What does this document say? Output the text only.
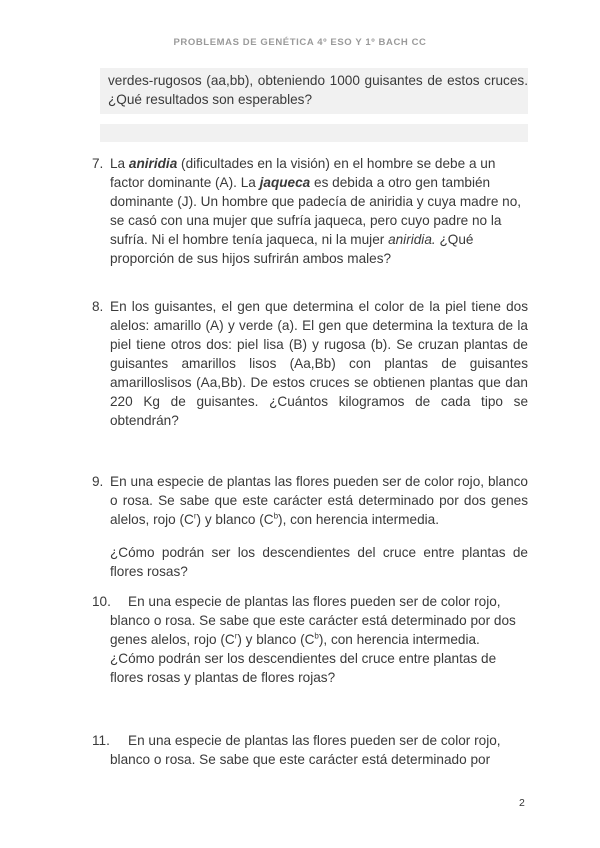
PROBLEMAS DE GENÉTICA 4º ESO Y 1º BACH CC
verdes-rugosos (aa,bb), obteniendo 1000 guisantes de estos cruces.¿Qué resultados son esperables?
7. La aniridia (dificultades en la visión) en el hombre se debe a un factor dominante (A). La jaqueca es debida a otro gen también dominante (J). Un hombre que padecía de aniridia y cuya madre no, se casó con una mujer que sufría jaqueca, pero cuyo padre no la sufría. Ni el hombre tenía jaqueca, ni la mujer aniridia. ¿Qué proporción de sus hijos sufrirán ambos males?
8. En los guisantes, el gen que determina el color de la piel tiene dos alelos: amarillo (A) y verde (a). El gen que determina la textura de la piel tiene otros dos: piel lisa (B) y rugosa (b). Se cruzan plantas de guisantes amarillos lisos (Aa,Bb) con plantas de guisantes amarilloslisos (Aa,Bb). De estos cruces se obtienen plantas que dan 220 Kg de guisantes. ¿Cuántos kilogramos de cada tipo se obtendrán?
9. En una especie de plantas las flores pueden ser de color rojo, blanco o rosa. Se sabe que este carácter está determinado por dos genes alelos, rojo $(C^r)$ y blanco $(C^b)$, con herencia intermedia.
¿Cómo podrán ser los descendientes del cruce entre plantas de flores rosas?
10.	En una especie de plantas las flores pueden ser de color rojo, blanco o rosa. Se sabe que este carácter está determinado por dos genes alelos, rojo $(C^r)$ y blanco $(C^b)$, con herencia intermedia. ¿Cómo podrán ser los descendientes del cruce entre plantas de flores rosas y plantas de flores rojas?
11.	En una especie de plantas las flores pueden ser de color rojo, blanco o rosa. Se sabe que este carácter está determinado por
2
